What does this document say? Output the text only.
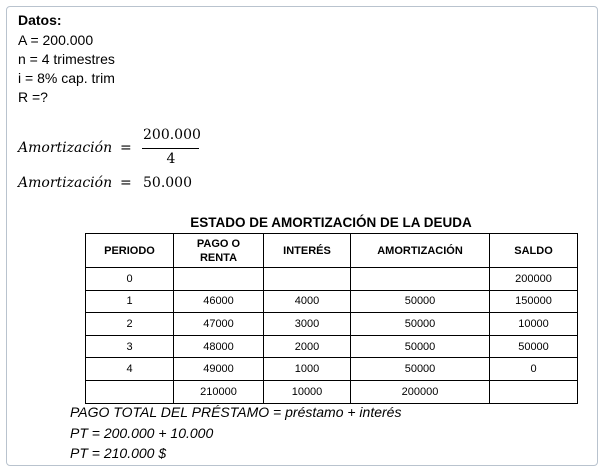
Datos:
A = 200.000
n = 4 trimestres
i = 8% cap. trim
R =?
Amortización =
200.000
4
Amortización = 50.000
ESTADO DE AMORTIZACIÓN DE LA DEUDA
PERIODO	PAGO O RENTA	INTERÉS	AMORTIZACIÓN	SALDO
0				200000
1	46000	4000	50000	150000
2	47000	3000	50000	10000
3	48000	2000	50000	50000
4	49000	1000	50000	0
	210000	10000	200000	
PAGO TOTAL DEL PRÉSTAMO = préstamo + interés
PT = 200.000 + 10.000
PT = 210.000 $
